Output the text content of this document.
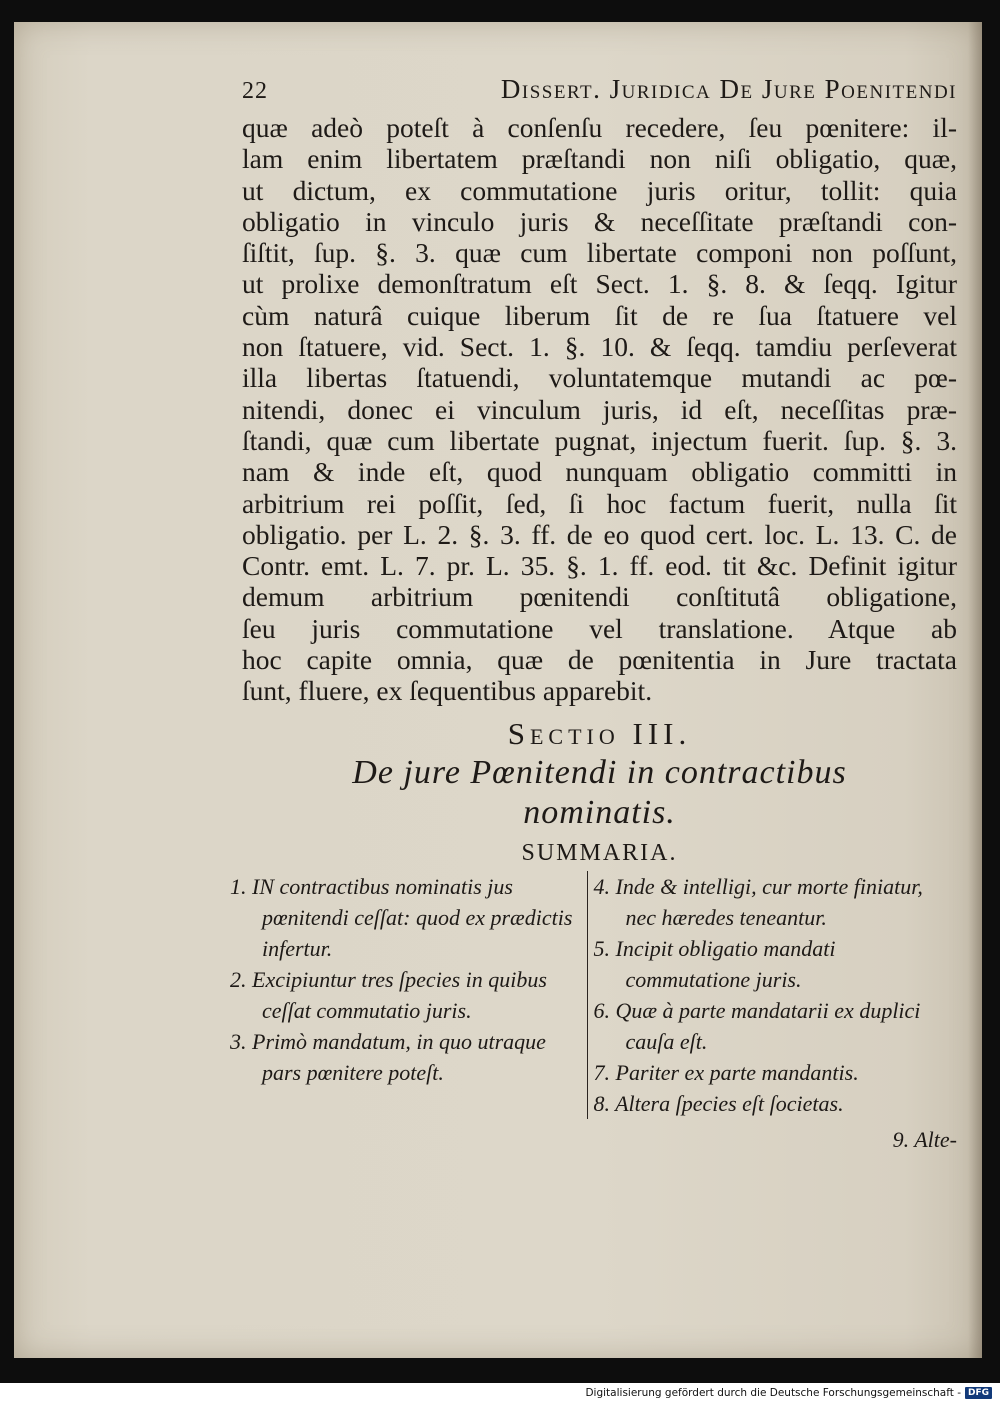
22	Dissert. Juridica De Jure Poenitendi
quæ adeò poteſt à conſenſu recedere, ſeu pœnitere: il-
lam enim libertatem præſtandi non niſi obligatio, quæ,
ut dictum, ex commutatione juris oritur, tollit: quia
obligatio in vinculo juris & neceſſitate præſtandi con-
ſiſtit, ſup. §. 3. quæ cum libertate componi non poſſunt,
ut prolixe demonſtratum eſt Sect. 1. §. 8. & ſeqq. Igitur
cùm naturâ cuique liberum ſit de re ſua ſtatuere vel
non ſtatuere, vid. Sect. 1. §. 10. & ſeqq. tamdiu perſeverat
illa libertas ſtatuendi, voluntatemque mutandi ac pœ-
nitendi, donec ei vinculum juris, id eſt, neceſſitas præ-
ſtandi, quæ cum libertate pugnat, injectum fuerit. ſup. §. 3.
nam & inde eſt, quod nunquam obligatio committi in
arbitrium rei poſſit, ſed, ſi hoc factum fuerit, nulla ſit
obligatio. per L. 2. §. 3. ff. de eo quod cert. loc. L. 13. C. de
Contr. emt. L. 7. pr. L. 35. §. 1. ff. eod. tit &c. Definit igitur
demum arbitrium pœnitendi conſtitutâ obligatione,
ſeu juris commutatione vel translatione. Atque ab
hoc capite omnia, quæ de pœnitentia in Jure tractata
ſunt, fluere, ex ſequentibus apparebit.
Sectio III.
De jure Pœnitendi in contractibus
nominatis.
SUMMARIA.
1. IN contractibus nominatis jus pœnitendi ceſſat: quod ex prædictis infertur.
2. Excipiuntur tres ſpecies in quibus ceſſat commutatio juris.
3. Primò mandatum, in quo utraque pars pœnitere poteſt.
4. Inde & intelligi, cur morte finiatur, nec hæredes teneantur.
5. Incipit obligatio mandati commutatione juris.
6. Quæ à parte mandatarii ex duplici cauſa eſt.
7. Pariter ex parte mandantis.
8. Altera ſpecies eſt ſocietas.
9. Alte-
Digitalisierung gefördert durch die Deutsche Forschungsgemeinschaft - DFG
